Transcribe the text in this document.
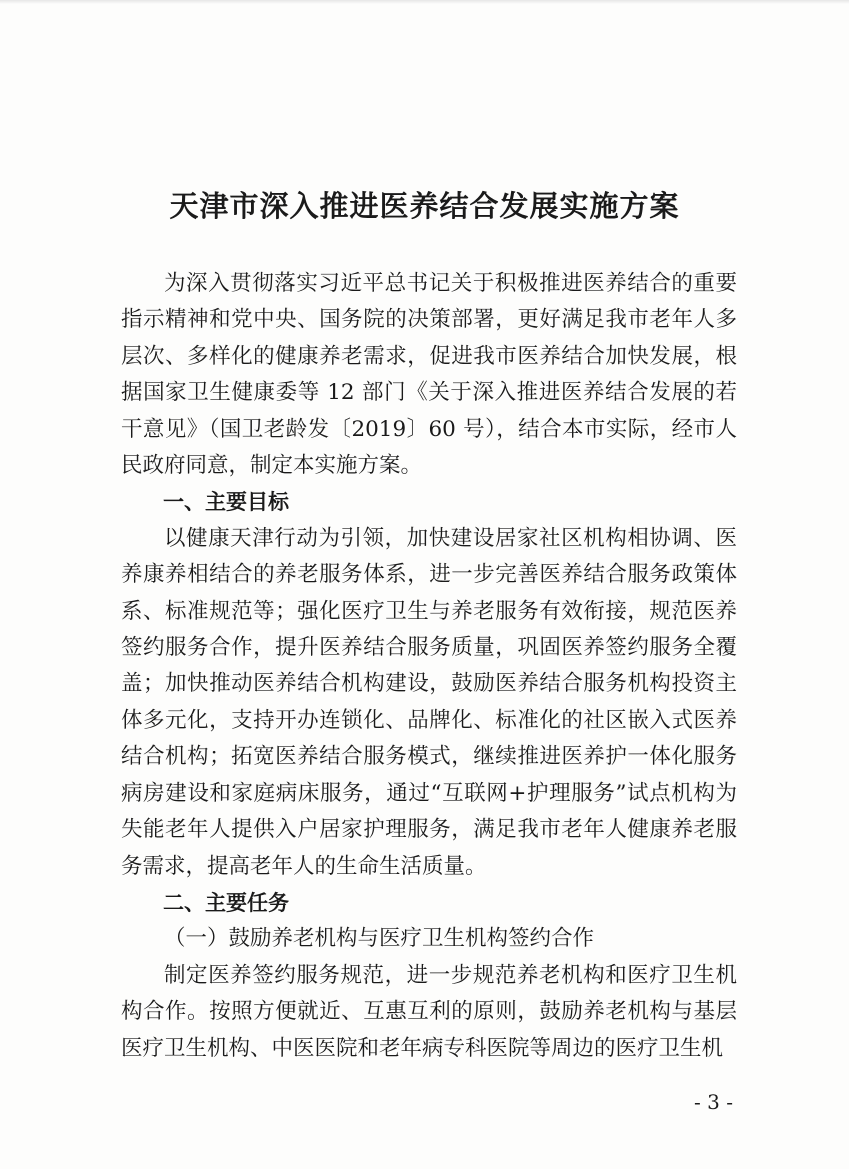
天津市深入推进医养结合发展实施方案

为深入贯彻落实习近平总书记关于积极推进医养结合的重要指示精神和党中央、国务院的决策部署，更好满足我市老年人多层次、多样化的健康养老需求，促进我市医养结合加快发展，根据国家卫生健康委等 12 部门《关于深入推进医养结合发展的若干意见》（国卫老龄发〔2019〕60 号），结合本市实际，经市人民政府同意，制定本实施方案。

一、主要目标

以健康天津行动为引领，加快建设居家社区机构相协调、医养康养相结合的养老服务体系，进一步完善医养结合服务政策体系、标准规范等；强化医疗卫生与养老服务有效衔接，规范医养签约服务合作，提升医养结合服务质量，巩固医养签约服务全覆盖；加快推动医养结合机构建设，鼓励医养结合服务机构投资主体多元化，支持开办连锁化、品牌化、标准化的社区嵌入式医养结合机构；拓宽医养结合服务模式，继续推进医养护一体化服务病房建设和家庭病床服务，通过“互联网+护理服务”试点机构为失能老年人提供入户居家护理服务，满足我市老年人健康养老服务需求，提高老年人的生命生活质量。

二、主要任务

（一）鼓励养老机构与医疗卫生机构签约合作

制定医养签约服务规范，进一步规范养老机构和医疗卫生机构合作。按照方便就近、互惠互利的原则，鼓励养老机构与基层医疗卫生机构、中医医院和老年病专科医院等周边的医疗卫生机

- 3 -
